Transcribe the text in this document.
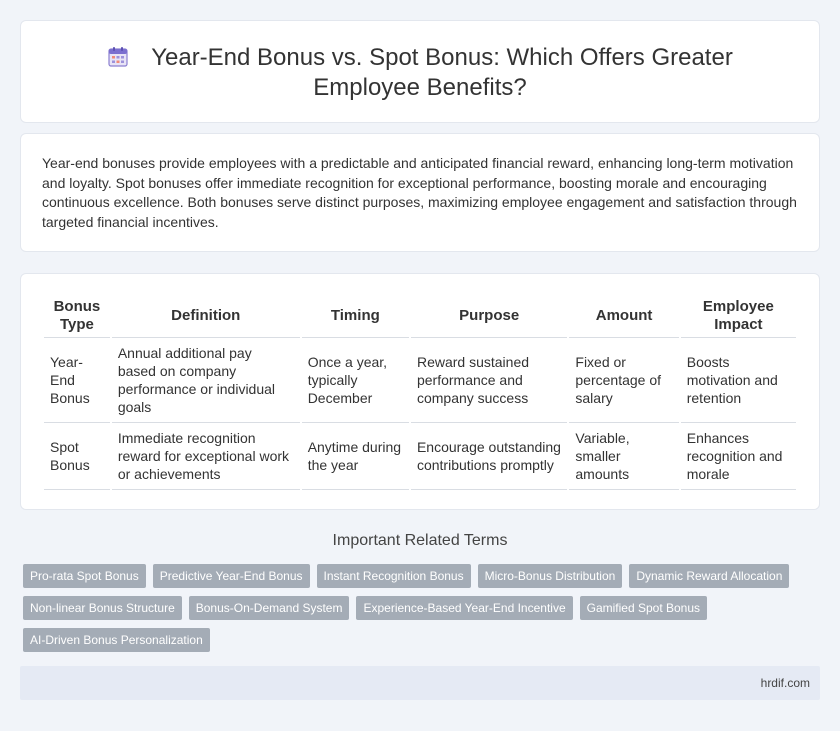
Year-End Bonus vs. Spot Bonus: Which Offers Greater Employee Benefits?

Year-end bonuses provide employees with a predictable and anticipated financial reward, enhancing long-term motivation and loyalty. Spot bonuses offer immediate recognition for exceptional performance, boosting morale and encouraging continuous excellence. Both bonuses serve distinct purposes, maximizing employee engagement and satisfaction through targeted financial incentives.

Bonus Type	Definition	Timing	Purpose	Amount	Employee Impact
Year-End Bonus	Annual additional pay based on company performance or individual goals	Once a year, typically December	Reward sustained performance and company success	Fixed or percentage of salary	Boosts motivation and retention
Spot Bonus	Immediate recognition reward for exceptional work or achievements	Anytime during the year	Encourage outstanding contributions promptly	Variable, smaller amounts	Enhances recognition and morale
Important Related Terms
Pro-rata Spot Bonus	Predictive Year-End Bonus	Instant Recognition Bonus	Micro-Bonus Distribution	Dynamic Reward Allocation
Non-linear Bonus Structure	Bonus-On-Demand System	Experience-Based Year-End Incentive	Gamified Spot Bonus
AI-Driven Bonus Personalization
hrdif.com
